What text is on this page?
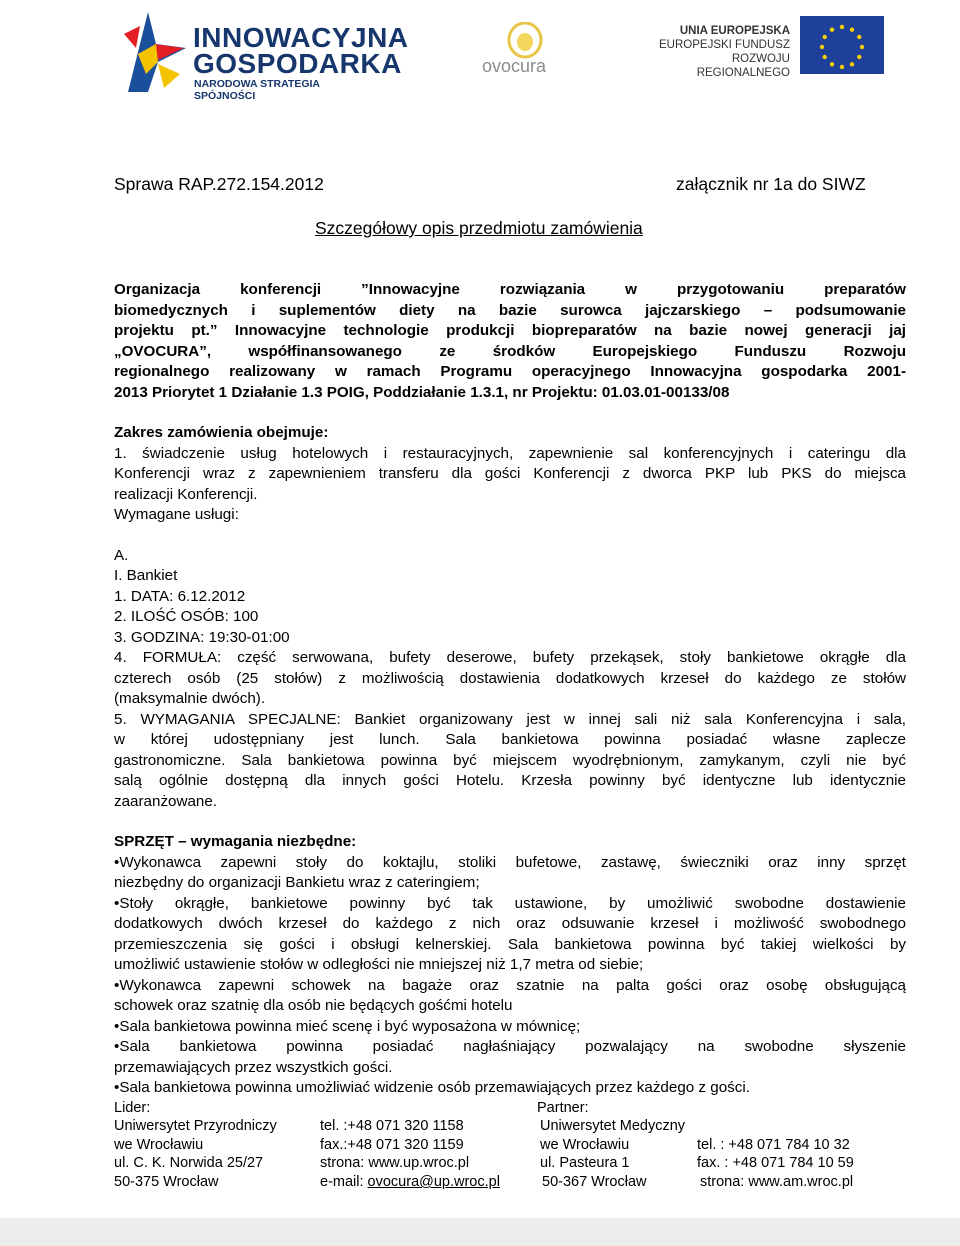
INNOWACYJNA
GOSPODARKA
NARODOWA STRATEGIA SPÓJNOŚCI
ovocura
UNIA EUROPEJSKA
EUROPEJSKI FUNDUSZ
ROZWOJU REGIONALNEGO
Sprawa RAP.272.154.2012	załącznik nr 1a do SIWZ
Szczegółowy opis przedmiotu zamówienia
Organizacja konferencji ”Innowacyjne rozwiązania w przygotowaniu preparatów
biomedycznych i suplementów diety na bazie surowca jajczarskiego – podsumowanie
projektu pt.” Innowacyjne technologie produkcji biopreparatów na bazie nowej generacji jaj
„OVOCURA”, współfinansowanego ze środków Europejskiego Funduszu Rozwoju
regionalnego realizowany w ramach Programu operacyjnego Innowacyjna gospodarka 2001-
2013 Priorytet 1 Działanie 1.3 POIG, Poddziałanie 1.3.1, nr Projektu: 01.03.01-00133/08
Zakres zamówienia obejmuje:
1. świadczenie usług hotelowych i restauracyjnych, zapewnienie sal konferencyjnych i cateringu dla
Konferencji wraz z zapewnieniem transferu dla gości Konferencji z dworca PKP lub PKS do miejsca
realizacji Konferencji.
Wymagane usługi:
A.
I. Bankiet
1. DATA: 6.12.2012
2. ILOŚĆ OSÓB: 100
3. GODZINA: 19:30-01:00
4. FORMUŁA: część serwowana, bufety deserowe, bufety przekąsek, stoły bankietowe okrągłe dla
czterech osób (25 stołów) z możliwością dostawienia dodatkowych krzeseł do każdego ze stołów
(maksymalnie dwóch).
5. WYMAGANIA SPECJALNE: Bankiet organizowany jest w innej sali niż sala Konferencyjna i sala,
w której udostępniany jest lunch. Sala bankietowa powinna posiadać własne zaplecze
gastronomiczne. Sala bankietowa powinna być miejscem wyodrębnionym, zamykanym, czyli nie być
salą ogólnie dostępną dla innych gości Hotelu. Krzesła powinny być identyczne lub identycznie
zaaranżowane.
SPRZĘT – wymagania niezbędne:
•Wykonawca zapewni stoły do koktajlu, stoliki bufetowe, zastawę, świeczniki oraz inny sprzęt
niezbędny do organizacji Bankietu wraz z cateringiem;
•Stoły okrągłe, bankietowe powinny być tak ustawione, by umożliwić swobodne dostawienie
dodatkowych dwóch krzeseł do każdego z nich oraz odsuwanie krzeseł i możliwość swobodnego
przemieszczenia się gości i obsługi kelnerskiej. Sala bankietowa powinna być takiej wielkości by
umożliwić ustawienie stołów w odległości nie mniejszej niż 1,7 metra od siebie;
•Wykonawca zapewni schowek na bagaże oraz szatnie na palta gości oraz osobę obsługującą
schowek oraz szatnię dla osób nie będących gośćmi hotelu
•Sala bankietowa powinna mieć scenę i być wyposażona w mównicę;
•Sala bankietowa powinna posiadać nagłaśniający pozwalający na swobodne słyszenie
przemawiających przez wszystkich gości.
•Sala bankietowa powinna umożliwiać widzenie osób przemawiających przez każdego z gości.
Lider:	Partner:
Uniwersytet Przyrodniczy
we Wrocławiu
ul. C. K. Norwida 25/27
50-375 Wrocław
tel. :+48 071 320 1158
fax.:+48 071 320 1159
strona: www.up.wroc.pl
e-mail: ovocura@up.wroc.pl
Uniwersytet Medyczny
we Wrocławiu
ul. Pasteura 1
50-367 Wrocław
tel. : +48 071 784 10 32
fax. : +48 071 784 10 59
strona: www.am.wroc.pl
